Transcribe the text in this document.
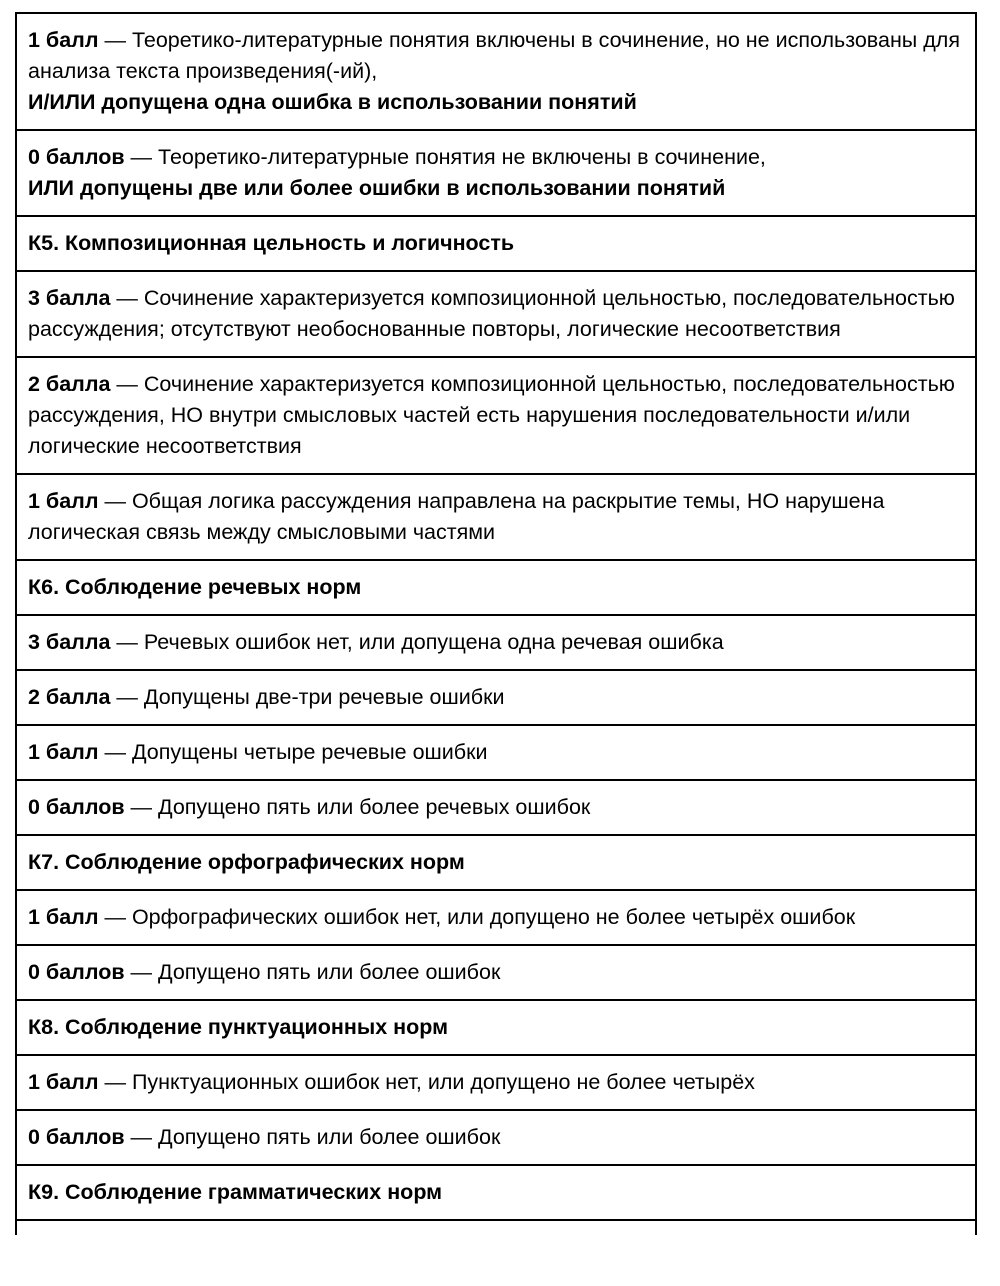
1 балл — Теоретико-литературные понятия включены в сочинение, но не использованы для анализа текста произведения(-ий),
И/ИЛИ допущена одна ошибка в использовании понятий

0 баллов — Теоретико-литературные понятия не включены в сочинение,
ИЛИ допущены две или более ошибки в использовании понятий

К5. Композиционная цельность и логичность
3 балла — Сочинение характеризуется композиционной цельностью, последовательностью рассуждения; отсутствуют необоснованные повторы, логические несоответствия
2 балла — Сочинение характеризуется композиционной цельностью, последовательностью рассуждения, НО внутри смысловых частей есть нарушения последовательности и/или логические несоответствия
1 балл — Общая логика рассуждения направлена на раскрытие темы, НО нарушена логическая связь между смысловыми частями
К6. Соблюдение речевых норм
3 балла — Речевых ошибок нет, или допущена одна речевая ошибка
2 балла — Допущены две-три речевые ошибки
1 балл — Допущены четыре речевые ошибки
0 баллов — Допущено пять или более речевых ошибок
К7. Соблюдение орфографических норм
1 балл — Орфографических ошибок нет, или допущено не более четырёх ошибок
0 баллов — Допущено пять или более ошибок
К8. Соблюдение пунктуационных норм
1 балл — Пунктуационных ошибок нет, или допущено не более четырёх
0 баллов — Допущено пять или более ошибок
К9. Соблюдение грамматических норм
